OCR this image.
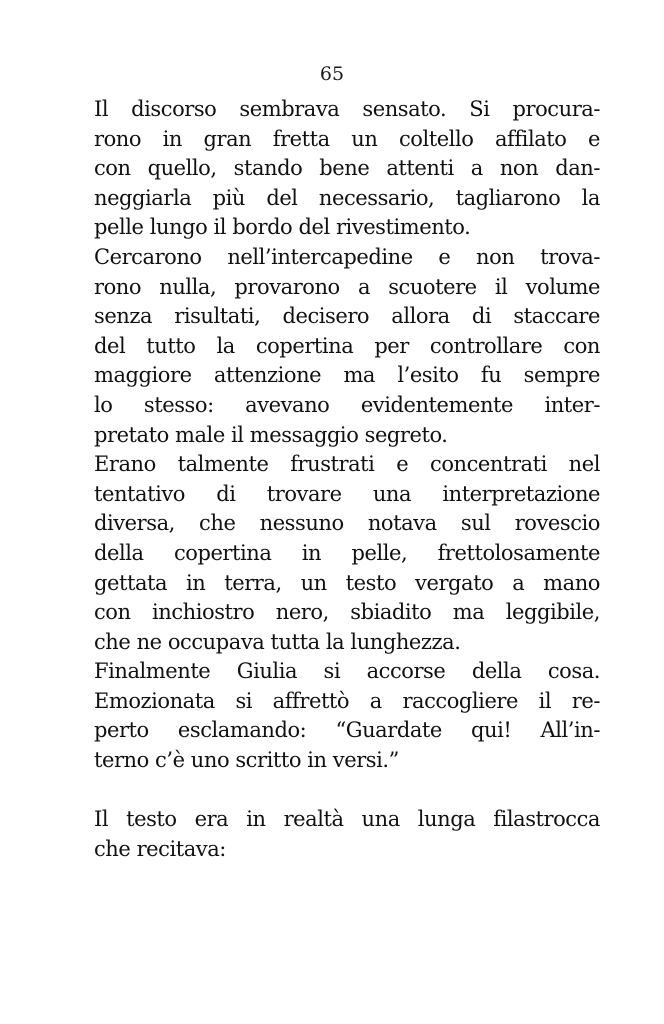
65
Il discorso sembrava sensato. Si procura-
rono in gran fretta un coltello affilato e
con quello, stando bene attenti a non dan-
neggiarla più del necessario, tagliarono la
pelle lungo il bordo del rivestimento.
Cercarono nell’intercapedine e non trova-
rono nulla, provarono a scuotere il volume
senza risultati, decisero allora di staccare
del tutto la copertina per controllare con
maggiore attenzione ma l’esito fu sempre
lo stesso: avevano evidentemente inter-
pretato male il messaggio segreto.
Erano talmente frustrati e concentrati nel
tentativo di trovare una interpretazione
diversa, che nessuno notava sul rovescio
della copertina in pelle, frettolosamente
gettata in terra, un testo vergato a mano
con inchiostro nero, sbiadito ma leggibile,
che ne occupava tutta la lunghezza.
Finalmente Giulia si accorse della cosa.
Emozionata si affrettò a raccogliere il re-
perto esclamando: “Guardate qui! All’in-
terno c’è uno scritto in versi.”
Il testo era in realtà una lunga filastrocca
che recitava:
